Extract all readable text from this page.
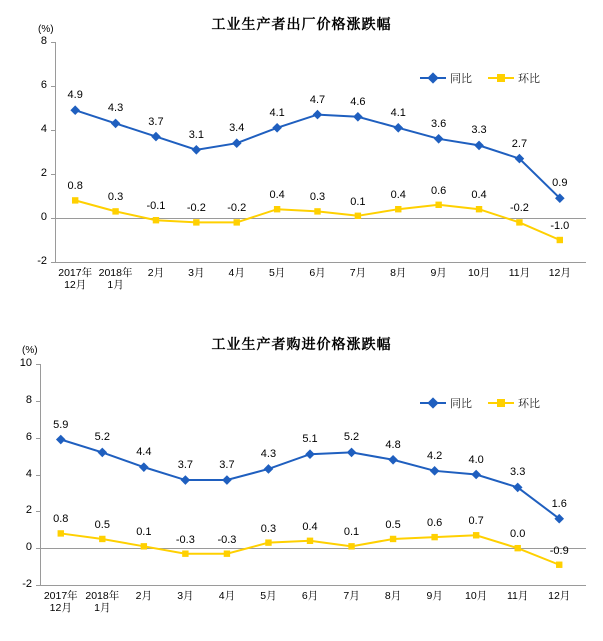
工业生产者出厂价格涨跌幅
(%)
8
6
4
2
0
-2
2017年
12月
2018年
1月
2月	3月	4月	5月	6月	7月	8月	9月	10月	11月	12月
4.9
4.3
3.7
3.1
3.4
4.1
4.7	4.6
4.1
3.6
3.3
2.7
0.9
0.8
0.3
-0.1	-0.2	-0.2
0.4	0.3	0.1
0.4	0.6	0.4
-0.2
-1.0
同比	环比
工业生产者购进价格涨跌幅
(%)
10
8
6
4
2
0
-2
2017年
12月
2018年
1月
2月	3月	4月	5月	6月	7月	8月	9月	10月	11月	12月
5.9
5.2
4.4
3.7	3.7
4.3
5.1	5.2
4.8
4.2	4.0
3.3
1.6
0.8	0.5
0.1
-0.3	-0.3
0.3	0.4	0.1
0.5	0.6	0.7
0.0
-0.9
同比	环比
